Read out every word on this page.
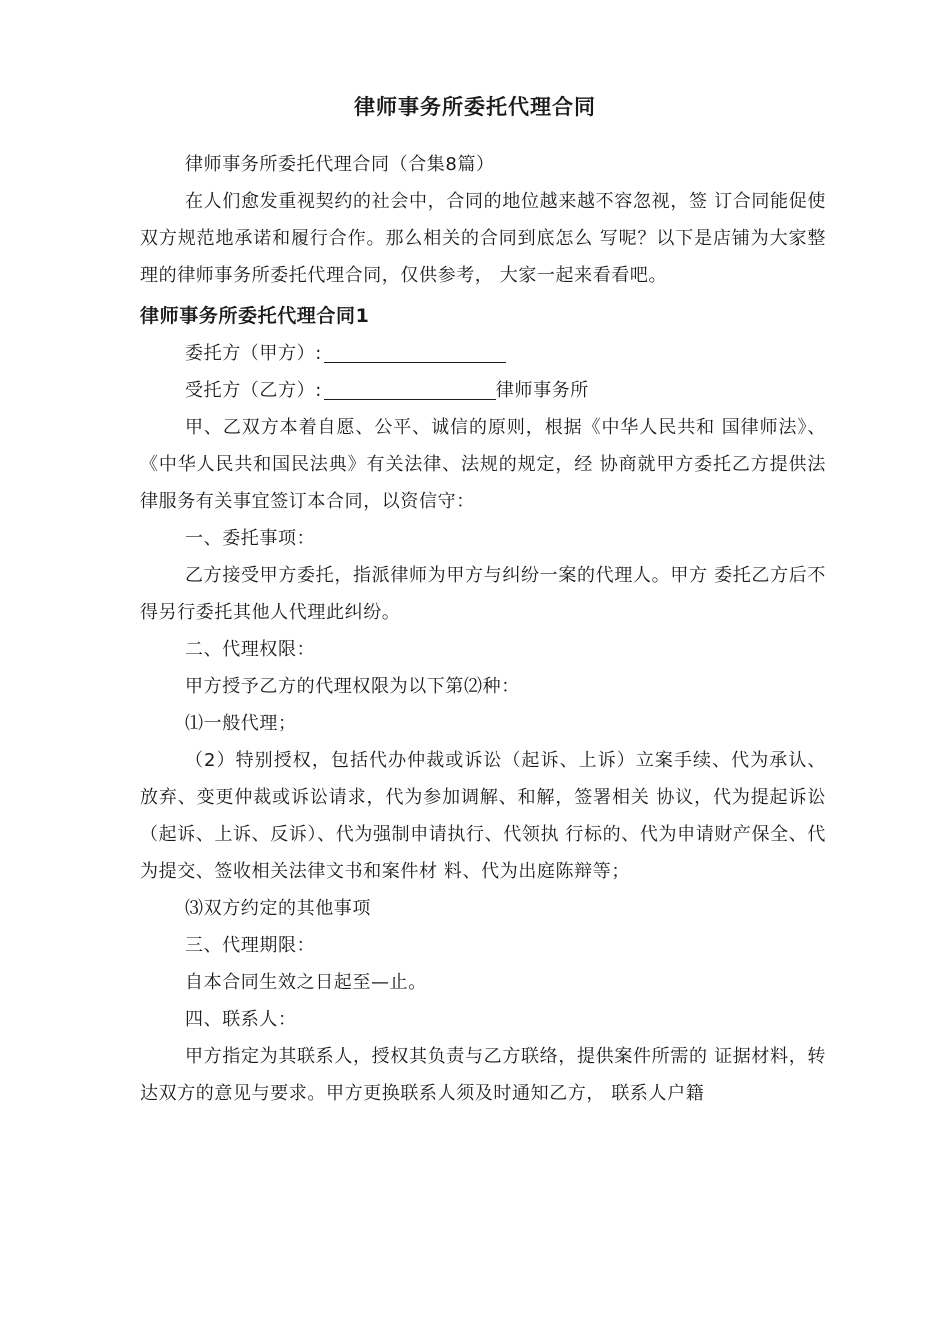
律师事务所委托代理合同

律师事务所委托代理合同（合集8篇）

在人们愈发重视契约的社会中，合同的地位越来越不容忽视，签 订合同能促使双方规范地承诺和履行合作。那么相关的合同到底怎么 写呢？以下是店铺为大家整理的律师事务所委托代理合同，仅供参考， 大家一起来看看吧。

律师事务所委托代理合同1

委托方（甲方）:

受托方（乙方）:	律师事务所

甲、乙双方本着自愿、公平、诚信的原则，根据《中华人民共和 国律师法》、《中华人民共和国民法典》有关法律、法规的规定，经 协商就甲方委托乙方提供法律服务有关事宜签订本合同，以资信守：

一、委托事项：

乙方接受甲方委托，指派律师为甲方与纠纷一案的代理人。甲方 委托乙方后不得另行委托其他人代理此纠纷。

二、代理权限：

甲方授予乙方的代理权限为以下第⑵种：

⑴一般代理；

（2）特别授权，包括代办仲裁或诉讼（起诉、上诉）立案手续、代为承认、放弃、变更仲裁或诉讼请求，代为参加调解、和解，签署相关 协议，代为提起诉讼（起诉、上诉、反诉）、代为强制申请执行、代领执 行标的、代为申请财产保全、代为提交、签收相关法律文书和案件材 料、代为出庭陈辩等；

⑶双方约定的其他事项

三、代理期限：

自本合同生效之日起至—止。

四、联系人：

甲方指定为其联系人，授权其负责与乙方联络，提供案件所需的 证据材料，转达双方的意见与要求。甲方更换联系人须及时通知乙方， 联系人户籍
